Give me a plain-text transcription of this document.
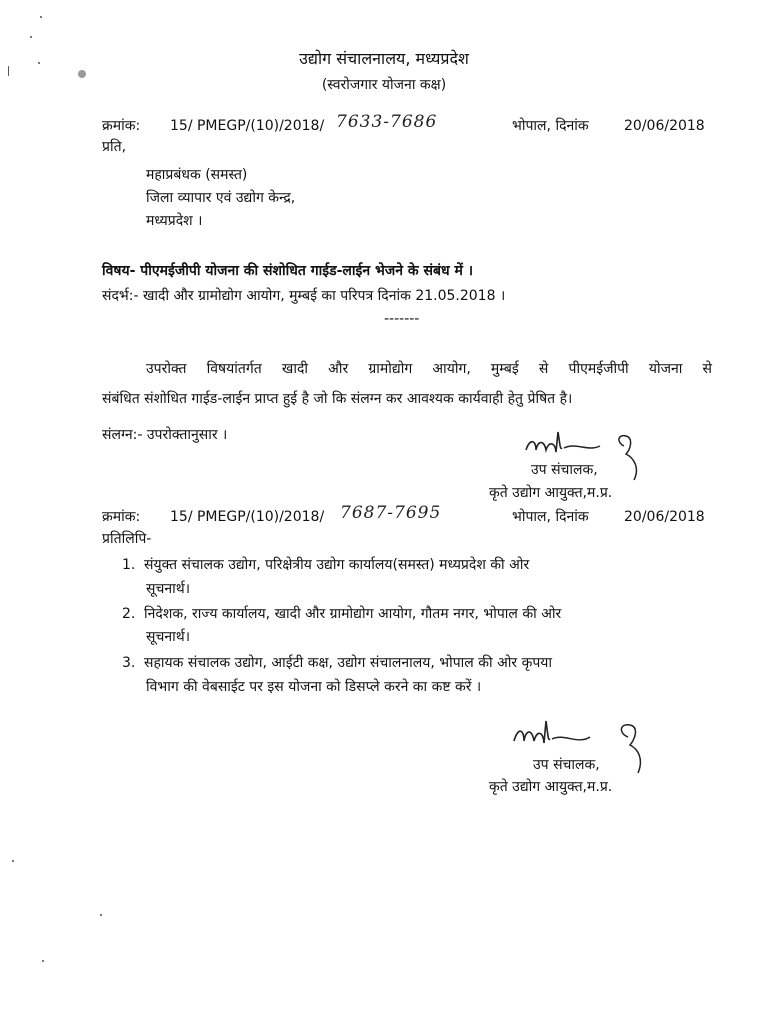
उद्योग संचालनालय, मध्यप्रदेश
(स्वरोजगार योजना कक्ष)
क्रमांक: 15/ PMEGP/(10)/2018/ 7633-7686	भोपाल, दिनांक	20/06/2018
प्रति,
महाप्रबंधक (समस्त)
जिला व्यापार एवं उद्योग केन्द्र,
मध्यप्रदेश ।
विषय- पीएमईजीपी योजना की संशोधित गाईड-लाईन भेजने के संबंध में ।
संदर्भ:- खादी और ग्रामोद्योग आयोग, मुम्बई का परिपत्र दिनांक 21.05.2018 ।
-------
उपरोक्त विषयांतर्गत खादी और ग्रामोद्योग आयोग, मुम्बई से पीएमईजीपी योजना से
संबंधित संशोधित गाईड-लाईन प्राप्त हुई है जो कि संलग्न कर आवश्यक कार्यवाही हेतु प्रेषित है।
संलग्न:- उपरोक्तानुसार ।
उप संचालक,
कृते उद्योग आयुक्त,म.प्र.
क्रमांक: 15/ PMEGP/(10)/2018/ 7687-7695	भोपाल, दिनांक	20/06/2018
प्रतिलिपि-
1. संयुक्त संचालक उद्योग, परिक्षेत्रीय उद्योग कार्यालय(समस्त) मध्यप्रदेश की ओर
सूचनार्थ।
2. निदेशक, राज्य कार्यालय, खादी और ग्रामोद्योग आयोग, गौतम नगर, भोपाल की ओर
सूचनार्थ।
3. सहायक संचालक उद्योग, आईटी कक्ष, उद्योग संचालनालय, भोपाल की ओर कृपया
विभाग की वेबसाईट पर इस योजना को डिसप्ले करने का कष्ट करें ।
उप संचालक,
कृते उद्योग आयुक्त,म.प्र.
